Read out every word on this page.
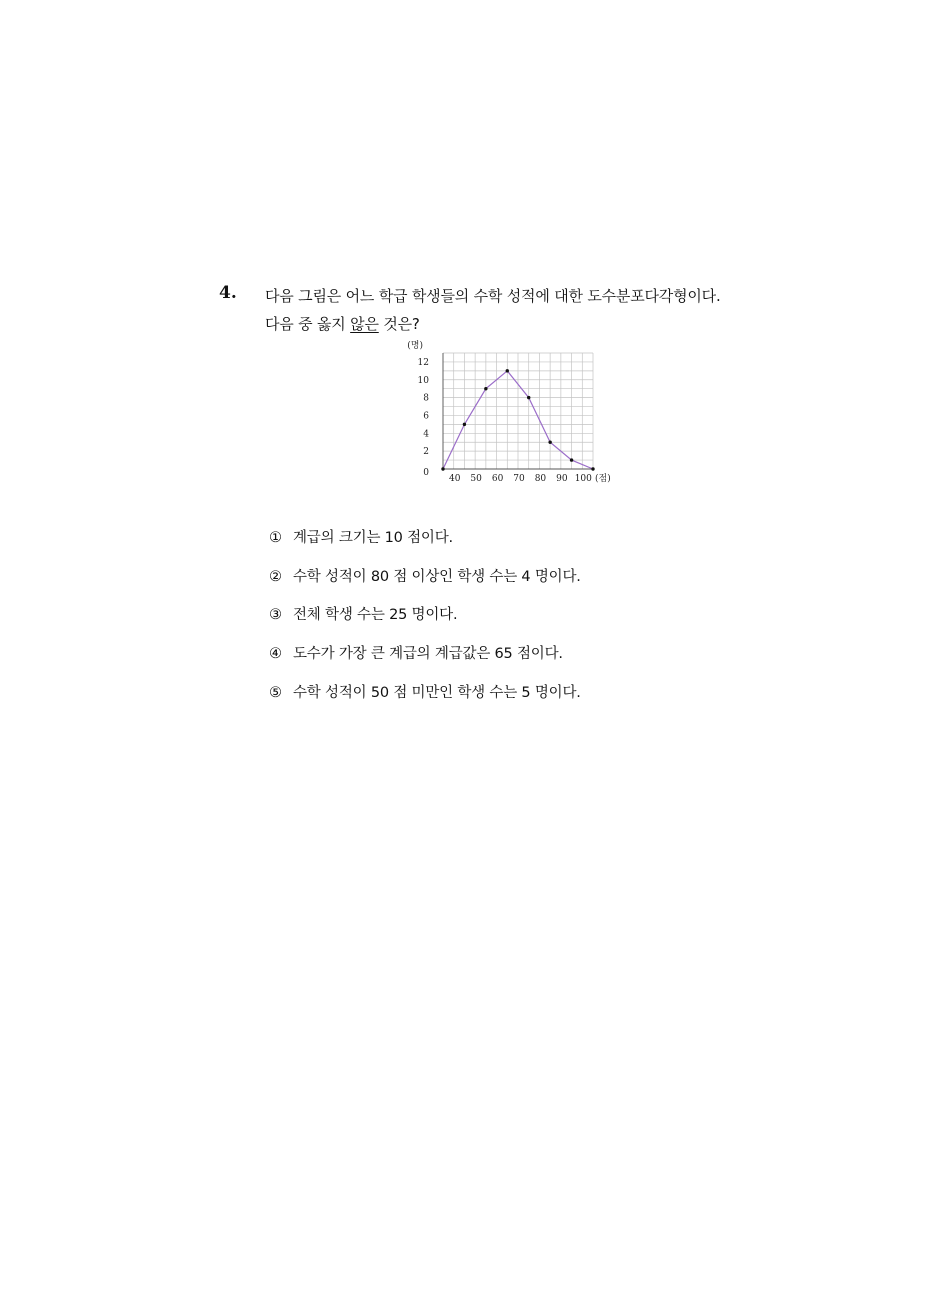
4. 다음 그림은 어느 학급 학생들의 수학 성적에 대한 도수분포다각형이다.
다음 중 옳지 않은 것은?
2
4
6
8
10
12
0
(명)
40 50 60 70 80 90 100 (점)
① 계급의 크기는 10 점이다.
② 수학 성적이 80 점 이상인 학생 수는 4 명이다.
③ 전체 학생 수는 25 명이다.
④ 도수가 가장 큰 계급의 계급값은 65 점이다.
⑤ 수학 성적이 50 점 미만인 학생 수는 5 명이다.
